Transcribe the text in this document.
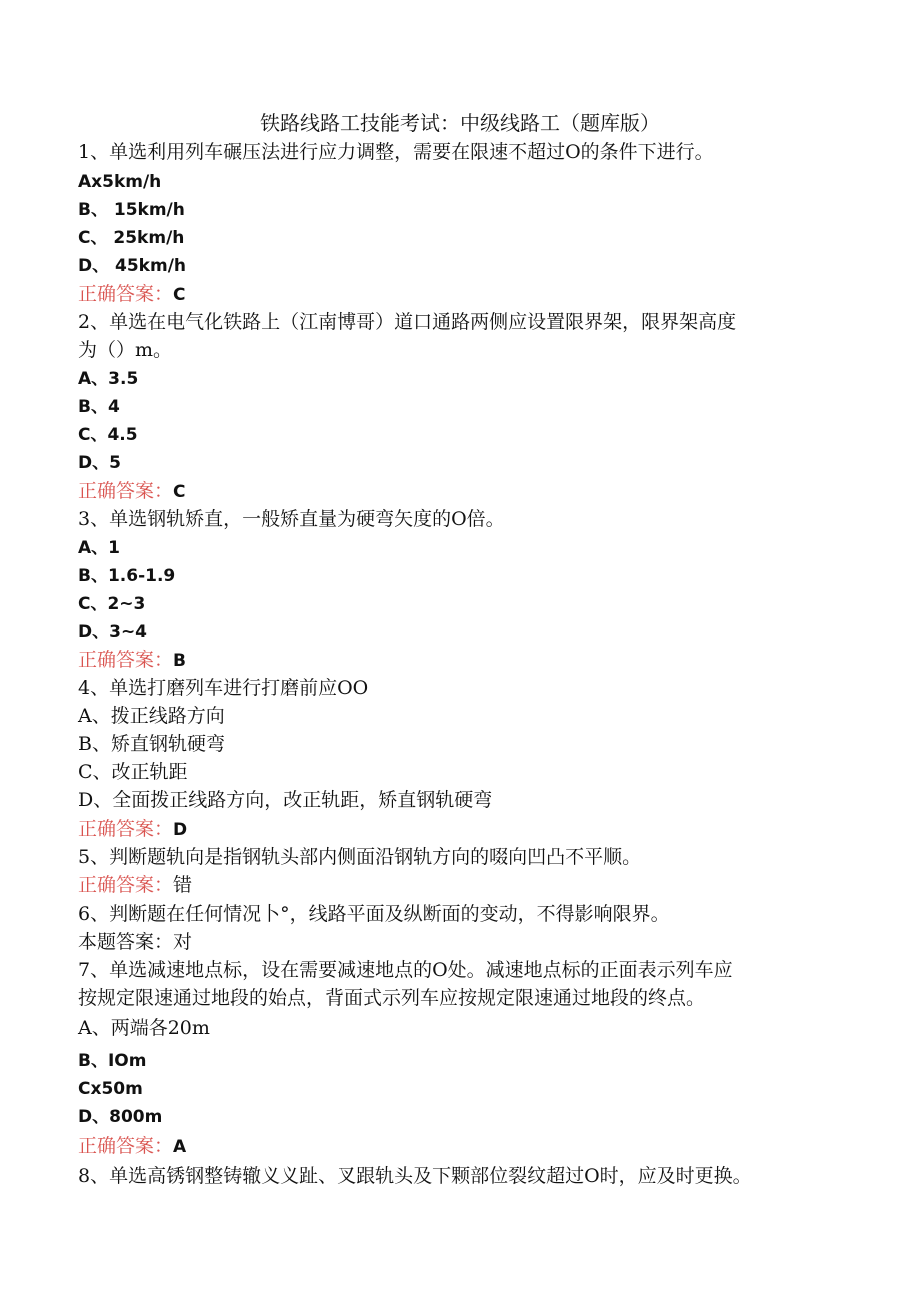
铁路线路工技能考试：中级线路工（题库版）
1、单选利用列车碾压法进行应力调整，需要在限速不超过O的条件下进行。
Ax5km/h
B、 15km/h
C、 25km/h
D、 45km/h
正确答案：C
2、单选在电气化铁路上（江南博哥）道口通路两侧应设置限界架，限界架高度
为（）m。
A、3.5
B、4
C、4.5
D、5
正确答案：C
3、单选钢轨矫直，一般矫直量为硬弯矢度的O倍。
A、1
B、1.6-1.9
C、2~3
D、3~4
正确答案：B
4、单选打磨列车进行打磨前应OO
A、拨正线路方向
B、矫直钢轨硬弯
C、改正轨距
D、全面拨正线路方向，改正轨距，矫直钢轨硬弯
正确答案：D
5、判断题轨向是指钢轨头部内侧面沿钢轨方向的啜向凹凸不平顺。
正确答案：错
6、判断题在任何情况卜°，线路平面及纵断面的变动，不得影响限界。
本题答案：对
7、单选减速地点标，设在需要减速地点的O处。减速地点标的正面表示列车应
按规定限速通过地段的始点，背面式示列车应按规定限速通过地段的终点。
A、两端各20m
B、IOm
Cx50m
D、800m
正确答案：A
8、单选高锈钢整铸辙义义趾、叉跟轨头及下颗部位裂纹超过O时，应及时更换。
